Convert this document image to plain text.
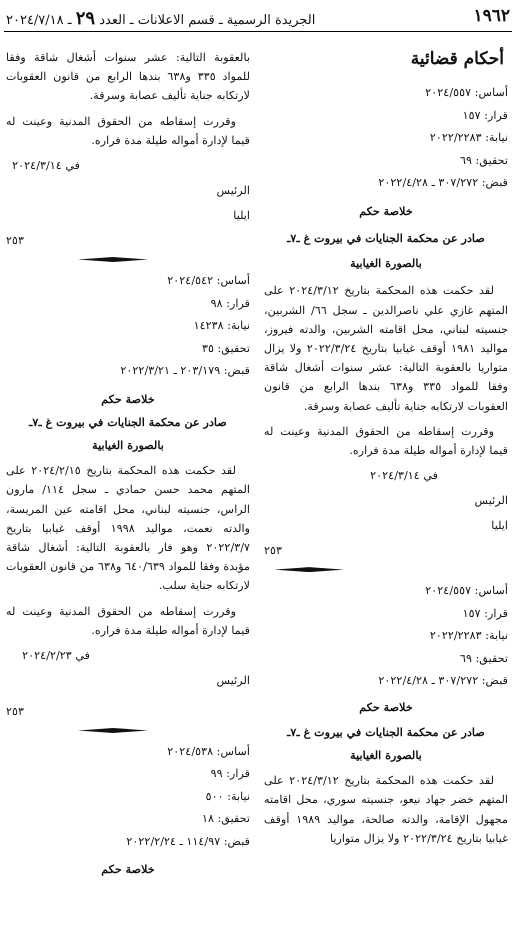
١٩٦٢
الجريدة الرسمية ـ قسم الاعلانات ـ العدد ٢٩ ـ ٢٠٢٤/٧/١٨
أحكام قضائية

أساس: ٢٠٢٤/٥٥٧

قرار: ١٥٧

نيابة: ٢٠٢٢/٢٢٨٣

تحقيق: ٦٩

قبض: ٣٠٧/٢٧٢ ـ ٢٠٢٢/٤/٢٨

خلاصة حكم

صادر عن محكمة الجنايات في بيروت غ ـ٧ـ

بالصورة الغيابية

لقد حكمت هذه المحكمة بتاريخ ٢٠٢٤/٣/١٢ على المتهم غازي علي ناصرالدين ـ سجل ٦٦/ الشربين، جنسيته لبناني، محل اقامته الشربين، والدته فيروز، مواليد ١٩٨١ أوقف غيابيا بتاريخ ٢٠٢٢/٣/٢٤ ولا يزال متواريا بالعقوبة التالية: عشر سنوات أشغال شاقة وفقا للمواد ٣٣٥ و٦٣٨ بندها الرابع من قانون العقوبات لارتكابه جناية تأليف عصابة وسرقة.

وقررت إسقاطه من الحقوق المدنية وعينت له قيما لإدارة أمواله طيلة مدة فراره.

في ٢٠٢٤/٣/١٤

الرئيس

ايليا

٢٥٣

أساس: ٢٠٢٤/٥٥٧

قرار: ١٥٧

نيابة: ٢٠٢٢/٢٢٨٣

تحقيق: ٦٩

قبض: ٣٠٧/٢٧٢ ـ ٢٠٢٢/٤/٢٨

خلاصة حكم

صادر عن محكمة الجنايات في بيروت غ ـ٧ـ

بالصورة الغيابية

لقد حكمت هذه المحكمة بتاريخ ٢٠٢٤/٣/١٢ على المتهم خضر جهاد نيعو، جنسيته سوري، محل اقامته مجهول الإقامة، والدته صالحة، مواليد ١٩٨٩ أوقف غيابيا بتاريخ ٢٠٢٢/٣/٢٤ ولا يزال متواريا

بالعقوبة التالية: عشر سنوات أشغال شاقة وفقا للمواد ٣٣٥ و٦٣٨ بندها الرابع من قانون العقوبات لارتكابه جناية تأليف عصابة وسرقة.

وقررت إسقاطه من الحقوق المدنية وعينت له قيما لإدارة أمواله طيلة مدة فراره.

في ٢٠٢٤/٣/١٤

الرئيس

ايليا

٢٥٣

أساس: ٢٠٢٤/٥٤٢

قرار: ٩٨

نيابة: ١٤٢٣٨

تحقيق: ٣٥

قبض: ٢٠٣/١٧٩ ـ ٢٠٢٢/٣/٢١

خلاصة حكم

صادر عن محكمة الجنايات في بيروت غ ـ٧ـ

بالصورة الغيابية

لقد حكمت هذه المحكمة بتاريخ ٢٠٢٤/٢/١٥ على المتهم محمد حسن حمادي ـ سجل ١١٤/ مارون الراس، جنسيته لبناني، محل اقامته عين المريسة، والدته نعمت، مواليد ١٩٩٨ أوقف غيابيا بتاريخ ٢٠٢٢/٣/٧ وهو فار بالعقوبة التالية: أشغال شاقة مؤبدة وفقا للمواد ٦٤٠/٦٣٩ و٦٣٨ من قانون العقوبات لارتكابه جناية سلب.

وقررت إسقاطه من الحقوق المدنية وعينت له قيما لإدارة أمواله طيلة مدة فراره.

في ٢٠٢٤/٢/٢٣

الرئيس

٢٥٣

أساس: ٢٠٢٤/٥٣٨

قرار: ٩٩

نيابة: ٥٠٠

تحقيق: ١٨

قبض: ١١٤/٩٧ ـ ٢٠٢٢/٢/٢٤

خلاصة حكم
